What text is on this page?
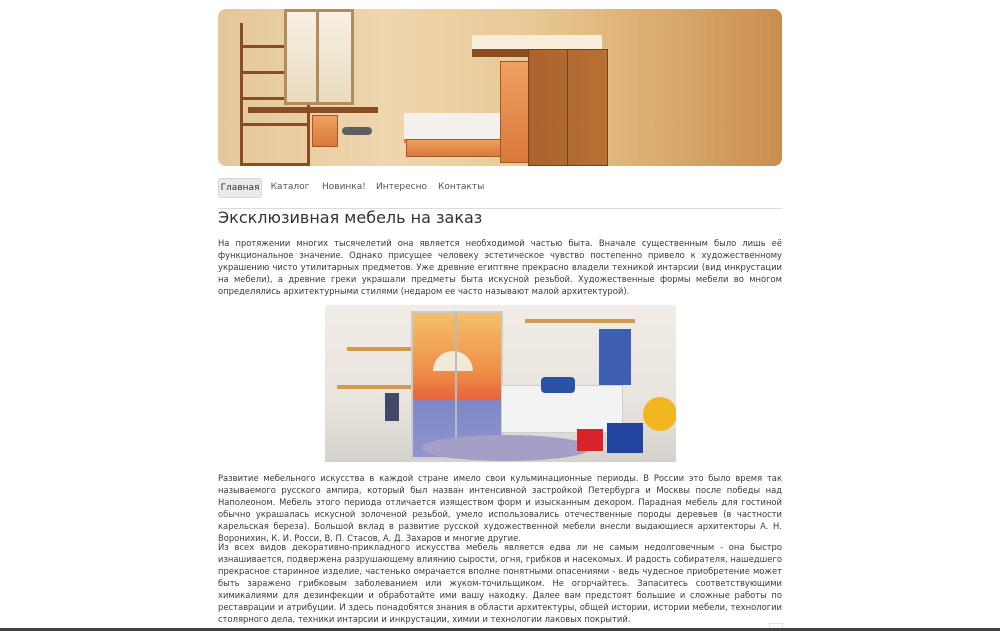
Главная Каталог Новинка! Интересно Контакты
Эксклюзивная мебель на заказ

На протяжении многих тысячелетий она является необходимой частью быта. Вначале существенным было лишь её функциональное значение. Однако присущее человеку эстетическое чувство постепенно привело к художественному украшению чисто утилитарных предметов. Уже древние египтяне прекрасно владели техникой интарсии (вид инкрустации на мебели), а древние греки украшали предметы быта искусной резьбой. Художественные формы мебели во многом определялись архитектурными стилями (недаром ее часто называют малой архитектурой).

Развитие мебельного искусства в каждой стране имело свои кульминационные периоды. В России это было время так называемого русского ампира, который был назван интенсивной застройкой Петербурга и Москвы после победы над Наполеоном. Мебель этого периода отличается изяществом форм и изысканным декором. Парадная мебель для гостиной обычно украшалась искусной золоченой резьбой, умело использовались отечественные породы деревьев (в частности карельская береза). Большой вклад в развитие русской художественной мебели внесли выдающиеся архитекторы А. Н. Воронихин, К. И. Росси, В. П. Стасов, А. Д. Захаров и многие другие.

Из всех видов декоративно-прикладного искусства мебель является едва ли не самым недолговечным - она быстро изнашивается, подвержена разрушающему влиянию сырости, огня, грибков и насекомых. И радость собирателя, нашедшего прекрасное старинное изделие, частенько омрачается вполне понятными опасениями - ведь чудесное приобретение может быть заражено грибковым заболеванием или жуком-точильщиком. Не огорчайтесь. Запаситесь соответствующими химикалиями для дезинфекции и обработайте ими вашу находку. Далее вам предстоят большие и сложные работы по реставрации и атрибуции. И здесь понадобятся знания в области архитектуры, общей истории, истории мебели, технологии столярного дела, техники интарсии и инкрустации, химии и технологии лаковых покрытий.
